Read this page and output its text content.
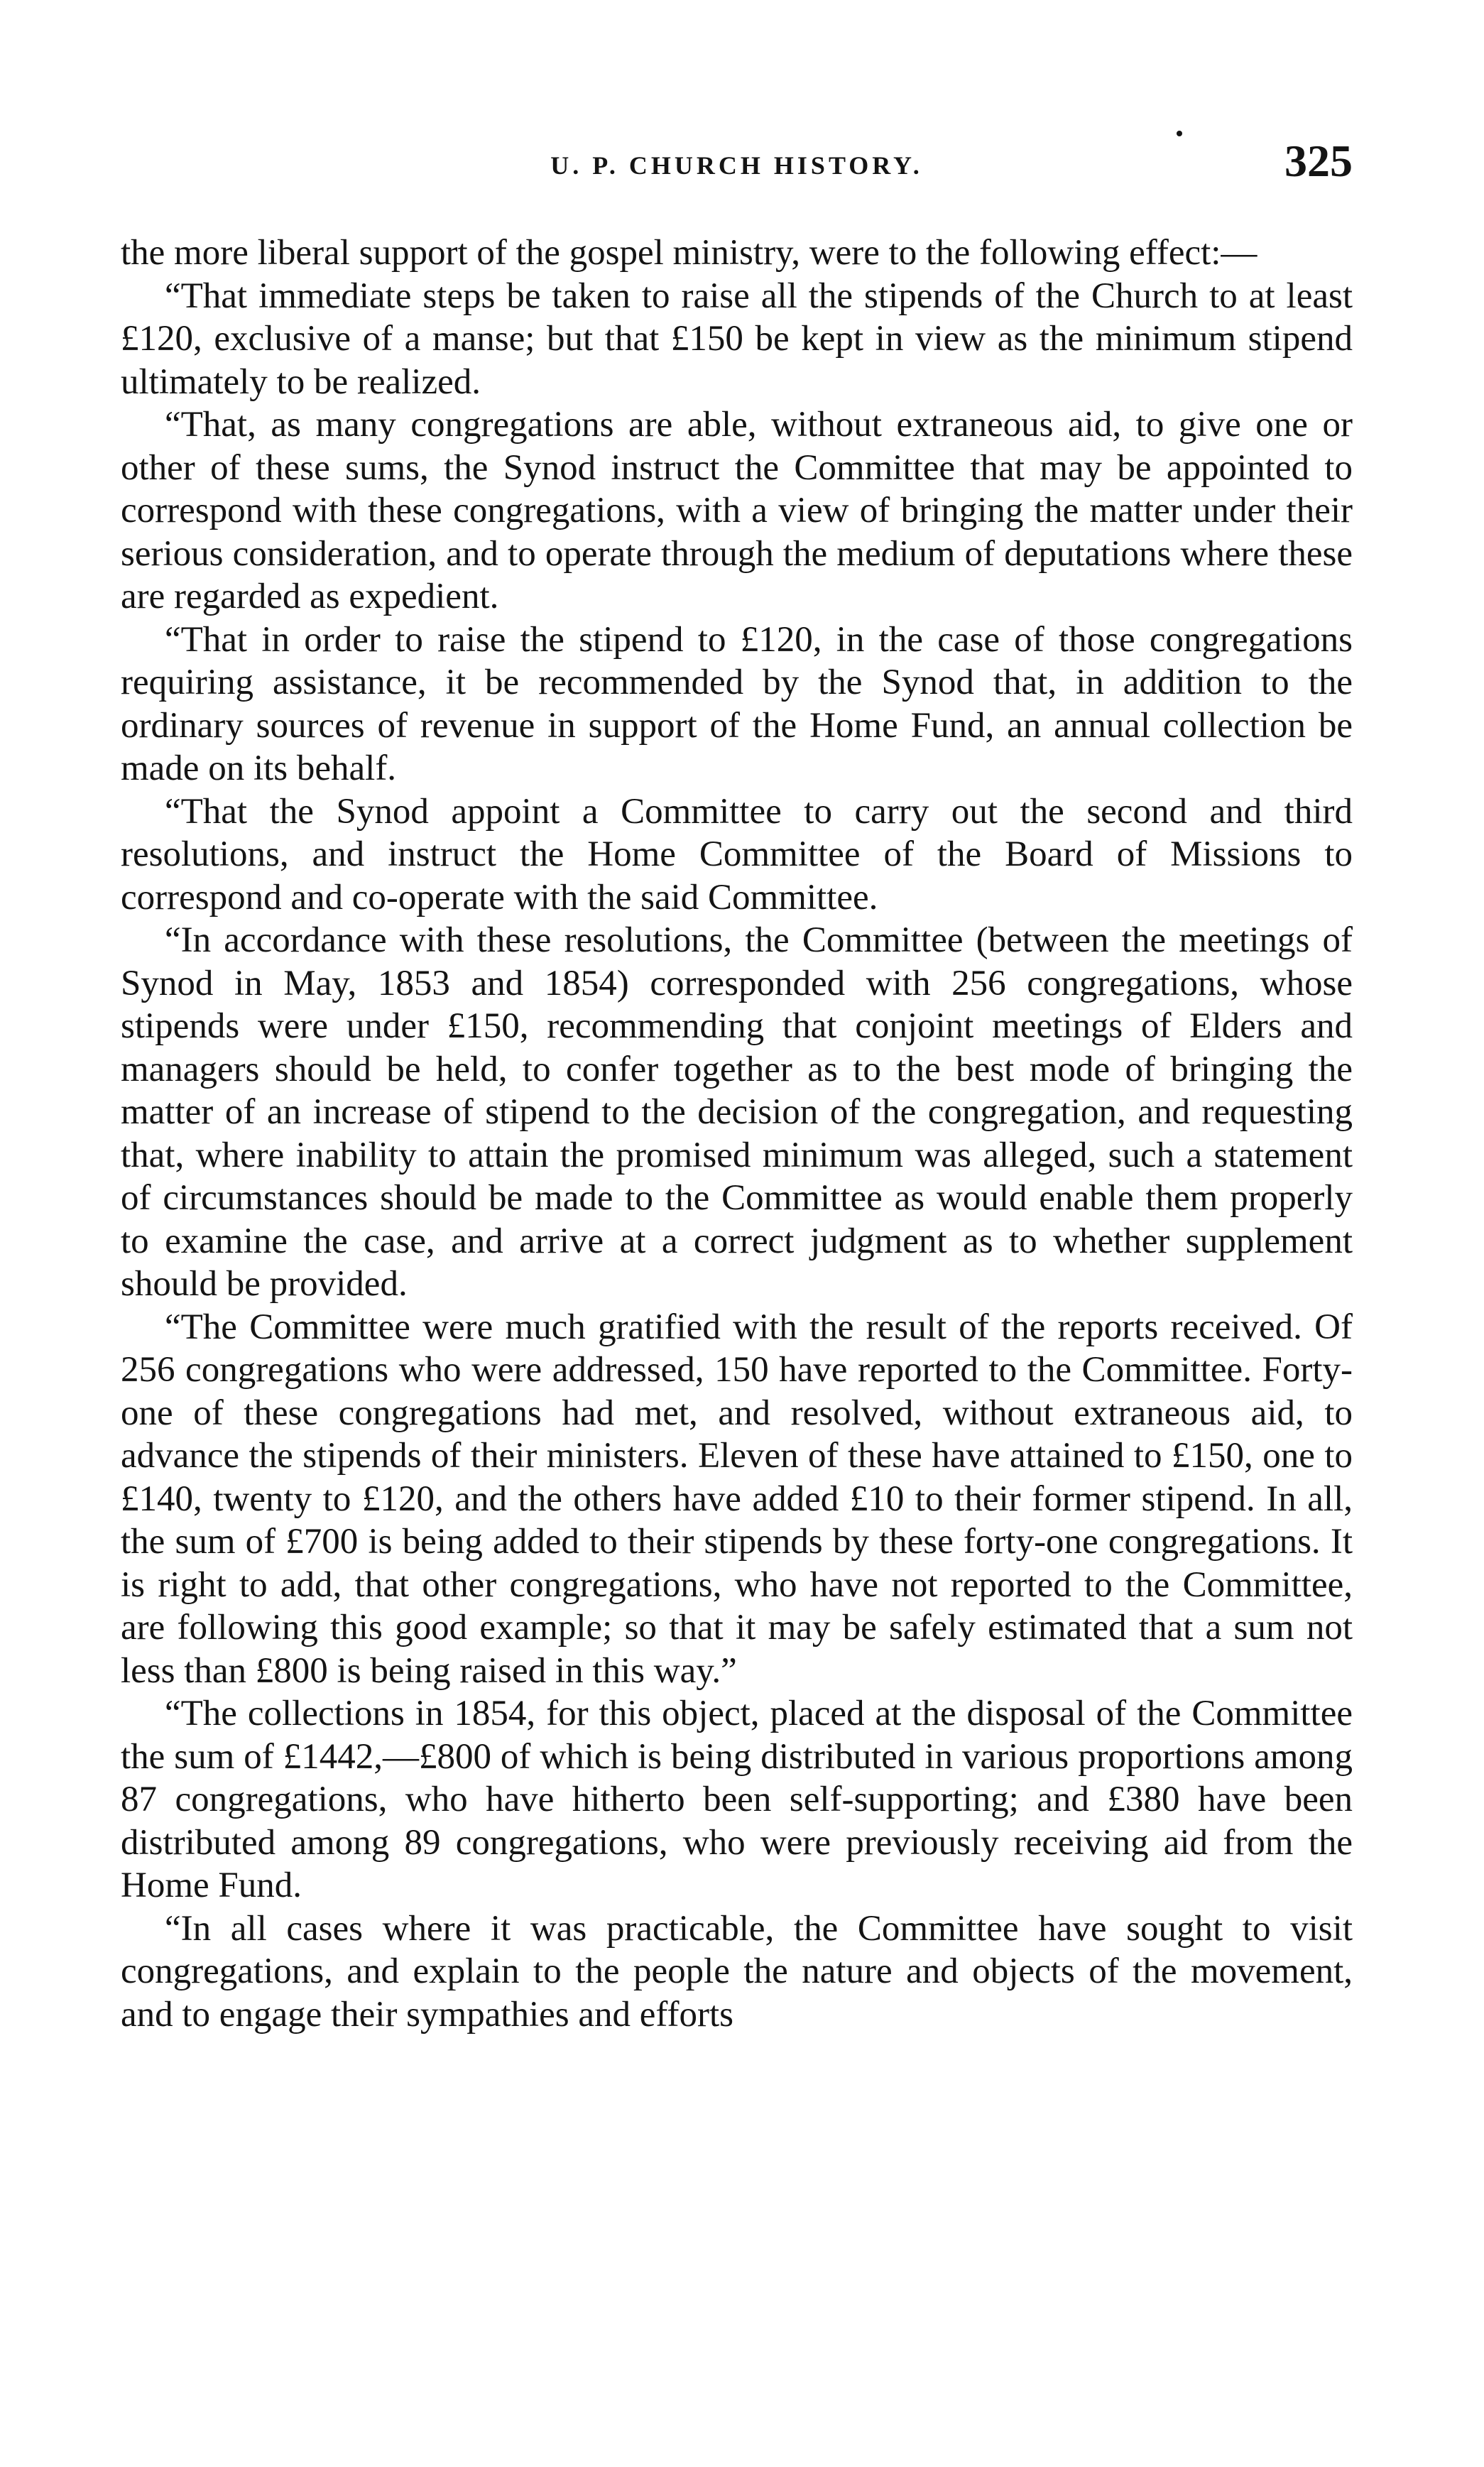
U. P. CHURCH HISTORY.	325

the more liberal support of the gospel ministry, were to the following effect:—

“That immediate steps be taken to raise all the stipends of the Church to at least £120, exclusive of a manse; but that £150 be kept in view as the minimum stipend ultimately to be realized.

“That, as many congregations are able, without extraneous aid, to give one or other of these sums, the Synod instruct the Committee that may be appointed to correspond with these congregations, with a view of bringing the matter under their serious consideration, and to operate through the medium of deputations where these are regarded as expedient.

“That in order to raise the stipend to £120, in the case of those congregations requiring assistance, it be recommended by the Synod that, in addition to the ordinary sources of revenue in support of the Home Fund, an annual collection be made on its behalf.

“That the Synod appoint a Committee to carry out the second and third resolutions, and instruct the Home Committee of the Board of Missions to correspond and co-operate with the said Committee.

“In accordance with these resolutions, the Committee (between the meetings of Synod in May, 1853 and 1854) corresponded with 256 congregations, whose stipends were under £150, recommending that conjoint meetings of Elders and managers should be held, to confer together as to the best mode of bringing the matter of an increase of stipend to the decision of the congregation, and requesting that, where inability to attain the promised minimum was alleged, such a statement of circumstances should be made to the Committee as would enable them properly to examine the case, and arrive at a correct judgment as to whether supplement should be provided.

“The Committee were much gratified with the result of the reports received. Of 256 congregations who were addressed, 150 have reported to the Committee. Forty-one of these congregations had met, and resolved, without extraneous aid, to advance the stipends of their ministers. Eleven of these have attained to £150, one to £140, twenty to £120, and the others have added £10 to their former stipend. In all, the sum of £700 is being added to their stipends by these forty-one congregations. It is right to add, that other congregations, who have not reported to the Committee, are following this good example; so that it may be safely estimated that a sum not less than £800 is being raised in this way.”

“The collections in 1854, for this object, placed at the disposal of the Committee the sum of £1442,—£800 of which is being distributed in various proportions among 87 congregations, who have hitherto been self-supporting; and £380 have been distributed among 89 congregations, who were previously receiving aid from the Home Fund.

“In all cases where it was practicable, the Committee have sought to visit congregations, and explain to the people the nature and objects of the movement, and to engage their sympathies and efforts
